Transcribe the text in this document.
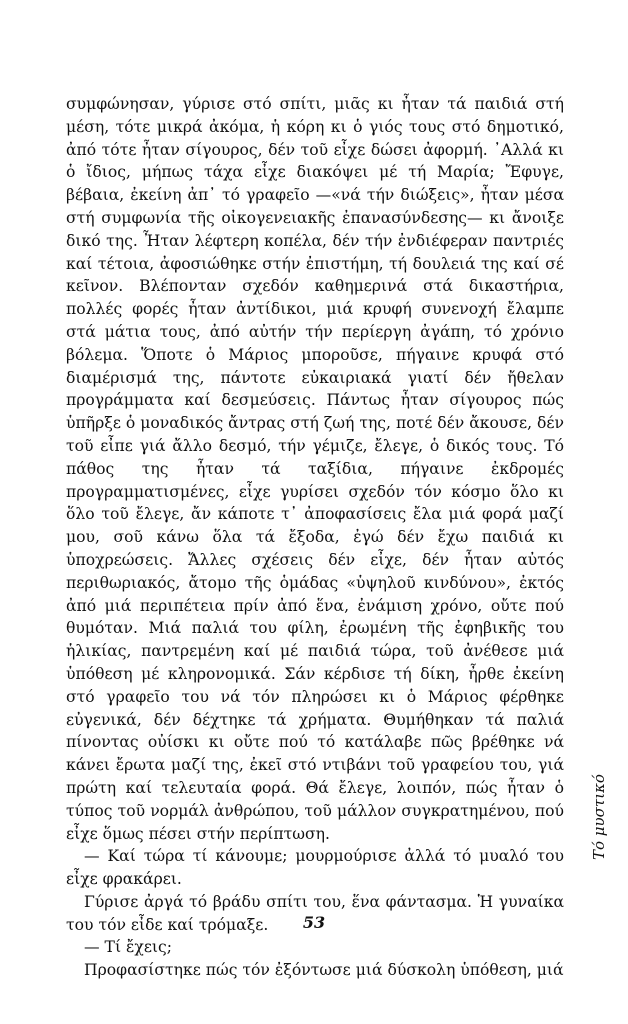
συμφώνησαν, γύρισε στό σπίτι, μιᾶς κι ἦταν τά παιδιά στή μέση, τότε μικρά ἀκόμα, ἡ κόρη κι ὁ γιός τους στό δημοτικό, ἀπό τότε ἦταν σίγουρος, δέν τοῦ εἶχε δώσει ἀφορμή. ᾿Αλλά κι ὁ ἴδιος, μήπως τάχα εἶχε διακόψει μέ τή Μαρία; Ἔφυγε, βέβαια, ἐκείνη ἀπ᾿ τό γραφεῖο —«νά τήν διώξεις», ἦταν μέσα στή συμφωνία τῆς οἰκογενειακῆς ἐπανασύνδεσης— κι ἄνοιξε δικό της. Ἦταν λέφτερη κοπέλα, δέν τήν ἐνδιέφεραν παντριές καί τέτοια, ἀφοσιώθηκε στήν ἐπιστήμη, τή δουλειά της καί σέ κεῖνον. Βλέπονταν σχεδόν καθημερινά στά δικαστήρια, πολλές φορές ἦταν ἀντίδικοι, μιά κρυφή συνενοχή ἔλαμπε στά μάτια τους, ἀπό αὐτήν τήν περίεργη ἀγάπη, τό χρόνιο βόλεμα. Ὅποτε ὁ Μάριος μποροῦσε, πήγαινε κρυφά στό διαμέρισμά της, πάντοτε εὐκαιριακά γιατί δέν ἤθελαν προγράμματα καί δεσμεύσεις. Πάντως ἦταν σίγουρος πώς ὑπῆρξε ὁ μοναδικός ἄντρας στή ζωή της, ποτέ δέν ἄκουσε, δέν τοῦ εἶπε γιά ἄλλο δεσμό, τήν γέμιζε, ἔλεγε, ὁ δικός τους. Τό πάθος της ἦταν τά ταξίδια, πήγαινε ἐκδρομές προγραμματισμένες, εἶχε γυρίσει σχεδόν τόν κόσμο ὅλο κι ὅλο τοῦ ἔλεγε, ἄν κάποτε τ᾿ ἀποφασίσεις ἔλα μιά φορά μαζί μου, σοῦ κάνω ὅλα τά ἔξοδα, ἐγώ δέν ἔχω παιδιά κι ὑποχρεώσεις. Ἄλλες σχέσεις δέν εἶχε, δέν ἦταν αὐτός περιθωριακός, ἄτομο τῆς ὁμάδας «ὑψηλοῦ κινδύνου», ἐκτός ἀπό μιά περιπέτεια πρίν ἀπό ἕνα, ἐνάμιση χρόνο, οὔτε πού θυμόταν. Μιά παλιά του φίλη, ἐρωμένη τῆς ἐφηβικῆς του ἡλικίας, παντρεμένη καί μέ παιδιά τώρα, τοῦ ἀνέθεσε μιά ὑπόθεση μέ κληρονομικά. Σάν κέρδισε τή δίκη, ἦρθε ἐκείνη στό γραφεῖο του νά τόν πληρώσει κι ὁ Μάριος φέρθηκε εὐγενικά, δέν δέχτηκε τά χρήματα. Θυμήθηκαν τά παλιά πίνοντας οὐίσκι κι οὔτε πού τό κατάλαβε πῶς βρέθηκε νά κάνει ἔρωτα μαζί της, ἐκεῖ στό ντιβάνι τοῦ γραφείου του, γιά πρώτη καί τελευταία φορά. Θά ἔλεγε, λοιπόν, πώς ἦταν ὁ τύπος τοῦ νορμάλ ἀνθρώπου, τοῦ μάλλον συγκρατημένου, πού εἶχε ὅμως πέσει στήν περίπτωση.

— Καί τώρα τί κάνουμε; μουρμούρισε ἀλλά τό μυαλό του εἶχε φρακάρει.

Γύρισε ἀργά τό βράδυ σπίτι του, ἕνα φάντασμα. Ἡ γυναίκα του τόν εἶδε καί τρόμαξε.

— Τί ἔχεις;

Προφασίστηκε πώς τόν ἐξόντωσε μιά δύσκολη ὑπόθεση, μιά

53
Τό μυστικό
